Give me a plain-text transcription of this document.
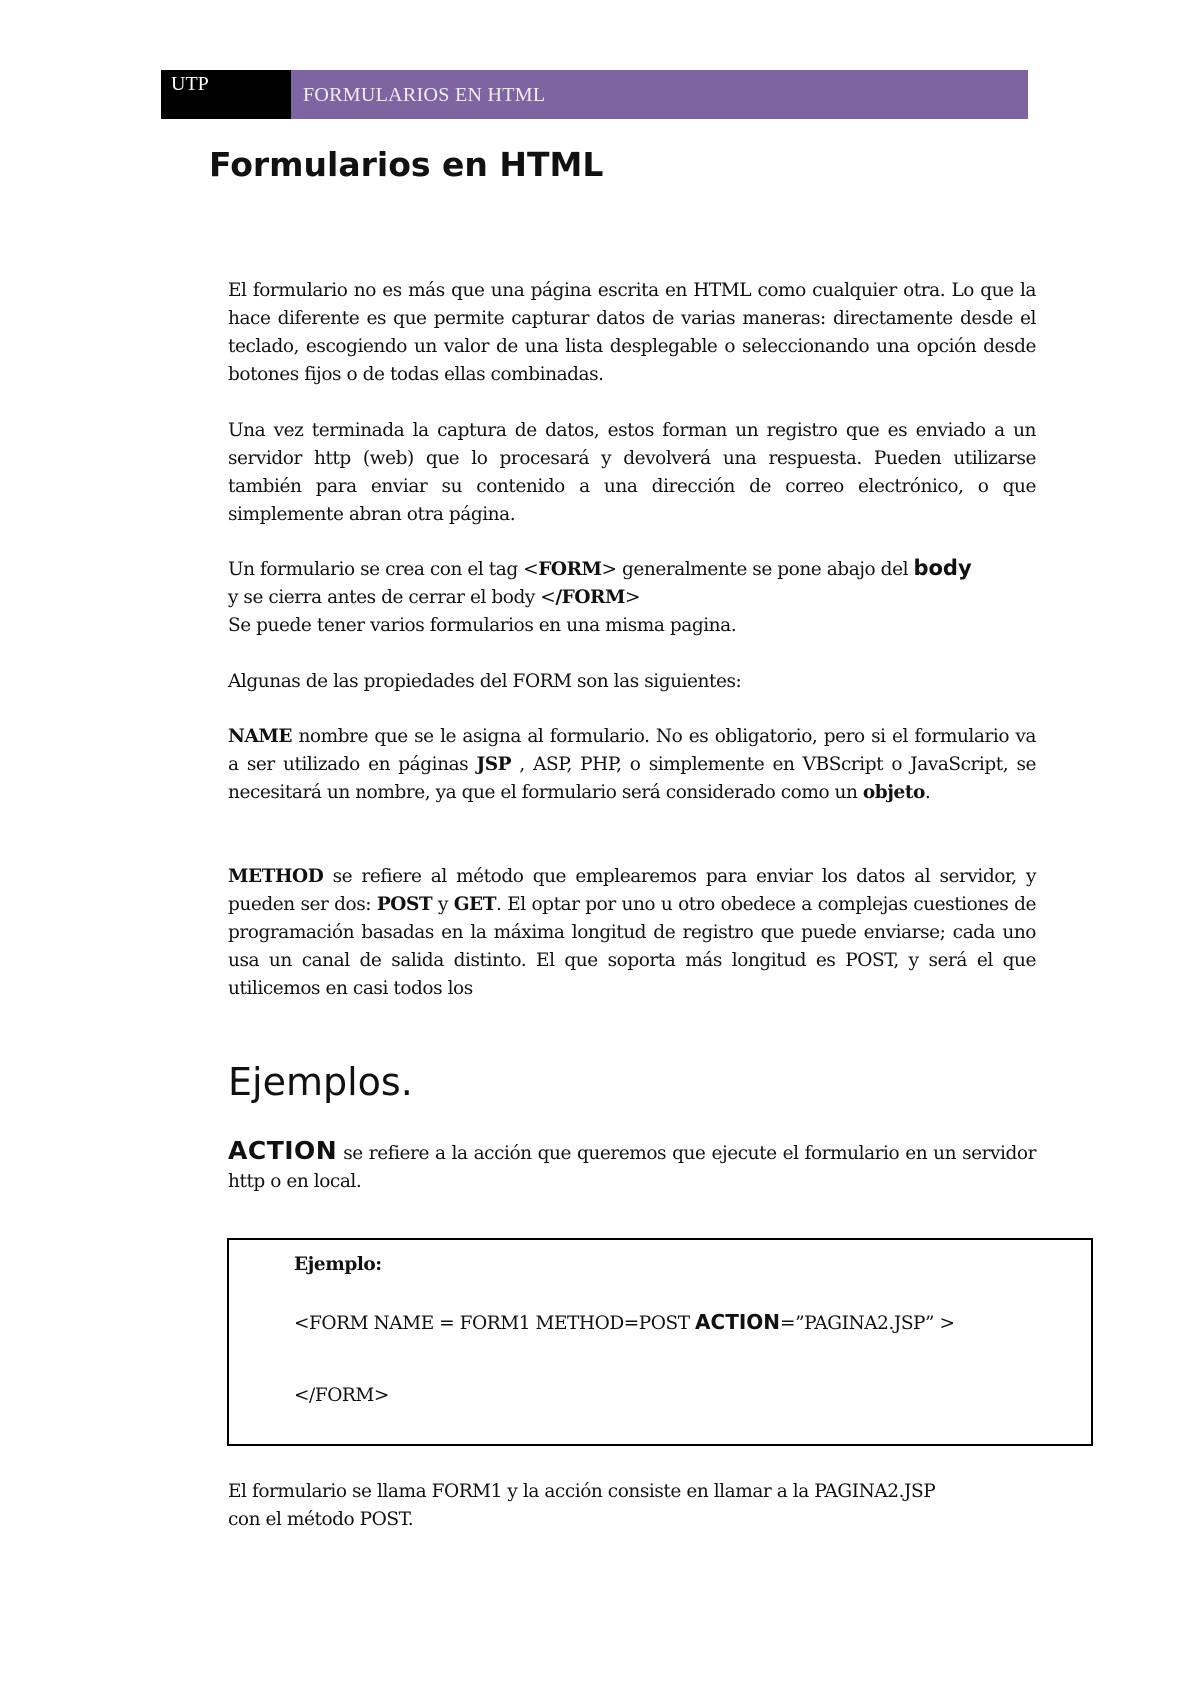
UTP	FORMULARIOS EN HTML
Formularios en HTML

El formulario no es más que una página escrita en HTML como cualquier otra. Lo que la hace diferente es que permite capturar datos de varias maneras: directamente desde el teclado, escogiendo un valor de una lista desplegable o seleccionando una opción desde botones fijos o de todas ellas combinadas.

Una vez terminada la captura de datos, estos forman un registro que es enviado a un servidor http (web) que lo procesará y devolverá una respuesta. Pueden utilizarse también para enviar su contenido a una dirección de correo electrónico, o que simplemente abran otra página.

Un formulario se crea con el tag <FORM> generalmente se pone abajo del body
y se cierra antes de cerrar el body </FORM>
Se puede tener varios formularios en una misma pagina.

Algunas de las propiedades del FORM son las siguientes:

NAME nombre que se le asigna al formulario. No es obligatorio, pero si el formulario va a ser utilizado en páginas JSP , ASP, PHP, o simplemente en VBScript o JavaScript, se necesitará un nombre, ya que el formulario será considerado como un objeto.

METHOD se refiere al método que emplearemos para enviar los datos al servidor, y pueden ser dos: POST y GET. El optar por uno u otro obedece a complejas cuestiones de programación basadas en la máxima longitud de registro que puede enviarse; cada uno usa un canal de salida distinto. El que soporta más longitud es POST, y será el que utilicemos en casi todos los

Ejemplos.

ACTION se refiere a la acción que queremos que ejecute el formulario en un servidor http o en local.

Ejemplo:

<FORM NAME = FORM1 METHOD=POST ACTION=”PAGINA2.JSP” >

</FORM>

El formulario se llama FORM1 y la acción consiste en llamar a la PAGINA2.JSP
con el método POST.
